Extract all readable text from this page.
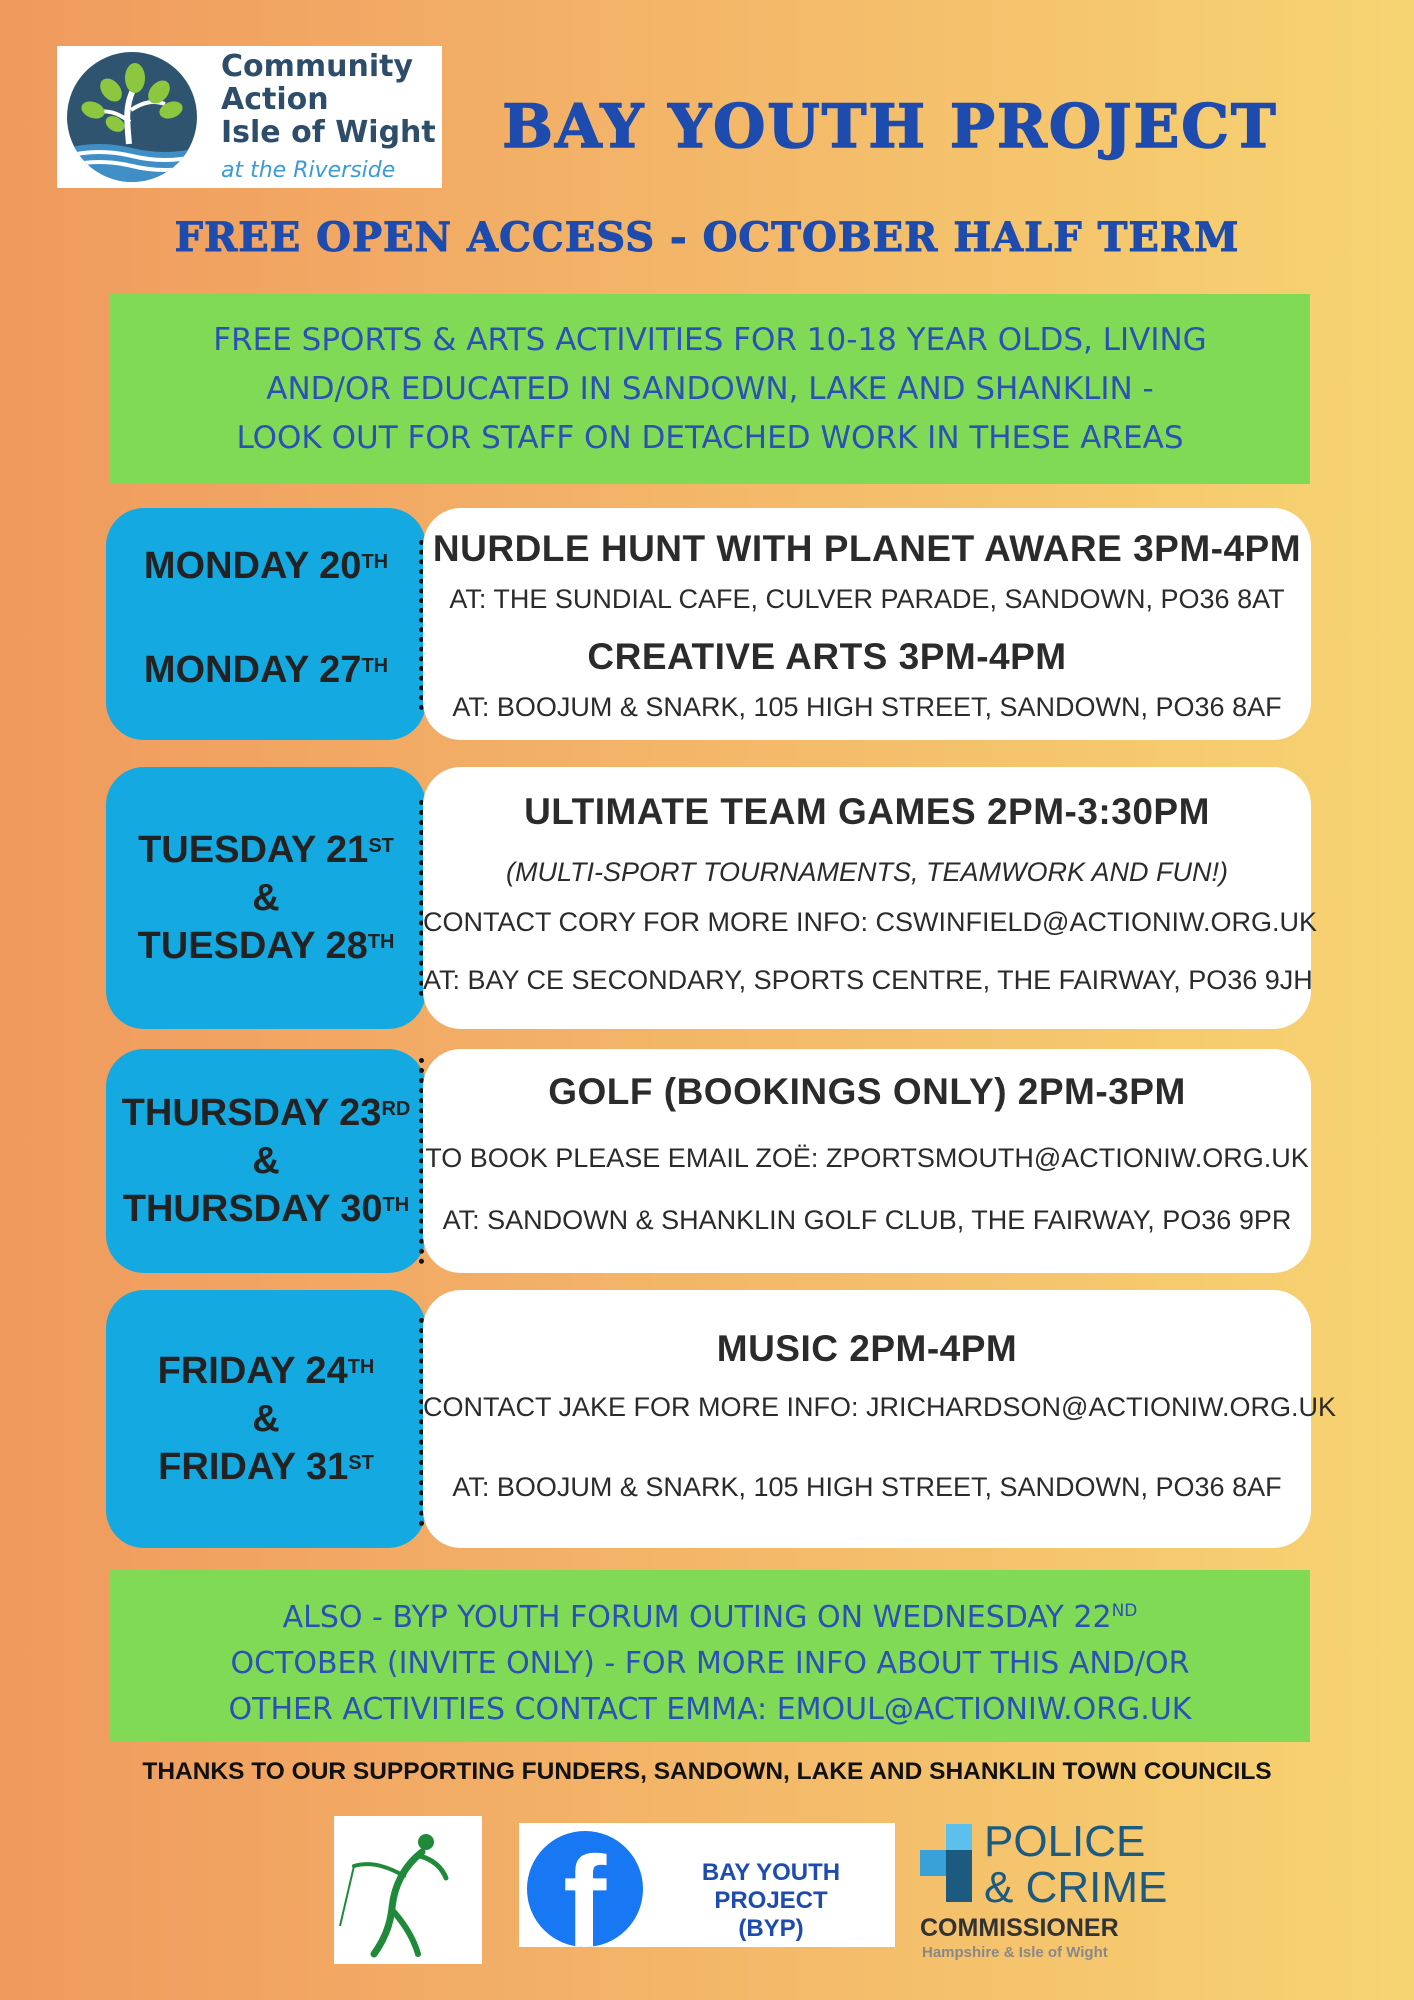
Community
Action
Isle of Wight
at the Riverside
BAY YOUTH PROJECT
FREE OPEN ACCESS - OCTOBER HALF TERM
FREE SPORTS & ARTS ACTIVITIES FOR 10-18 YEAR OLDS, LIVING
AND/OR EDUCATED IN SANDOWN, LAKE AND SHANKLIN -
LOOK OUT FOR STAFF ON DETACHED WORK IN THESE AREAS
MONDAY 20TH
MONDAY 27TH
NURDLE HUNT WITH PLANET AWARE 3PM-4PM
AT: THE SUNDIAL CAFE, CULVER PARADE, SANDOWN, PO36 8AT
CREATIVE ARTS 3PM-4PM
AT: BOOJUM & SNARK, 105 HIGH STREET, SANDOWN, PO36 8AF
TUESDAY 21ST
&
TUESDAY 28TH
ULTIMATE TEAM GAMES 2PM-3:30PM
(MULTI-SPORT TOURNAMENTS, TEAMWORK AND FUN!)
CONTACT CORY FOR MORE INFO: CSWINFIELD@ACTIONIW.ORG.UK
AT: BAY CE SECONDARY, SPORTS CENTRE, THE FAIRWAY, PO36 9JH
THURSDAY 23RD
&
THURSDAY 30TH
GOLF (BOOKINGS ONLY) 2PM-3PM
TO BOOK PLEASE EMAIL ZOË: ZPORTSMOUTH@ACTIONIW.ORG.UK
AT: SANDOWN & SHANKLIN GOLF CLUB, THE FAIRWAY, PO36 9PR
FRIDAY 24TH
&
FRIDAY 31ST
MUSIC 2PM-4PM
CONTACT JAKE FOR MORE INFO: JRICHARDSON@ACTIONIW.ORG.UK
AT: BOOJUM & SNARK, 105 HIGH STREET, SANDOWN, PO36 8AF
ALSO - BYP YOUTH FORUM OUTING ON WEDNESDAY 22ND
OCTOBER (INVITE ONLY) - FOR MORE INFO ABOUT THIS AND/OR
OTHER ACTIVITIES CONTACT EMMA: EMOUL@ACTIONIW.ORG.UK
THANKS TO OUR SUPPORTING FUNDERS, SANDOWN, LAKE AND SHANKLIN TOWN COUNCILS
f	BAY YOUTH PROJECT
(BYP)
POLICE
& CRIME
COMMISSIONER
Hampshire & Isle of Wight
